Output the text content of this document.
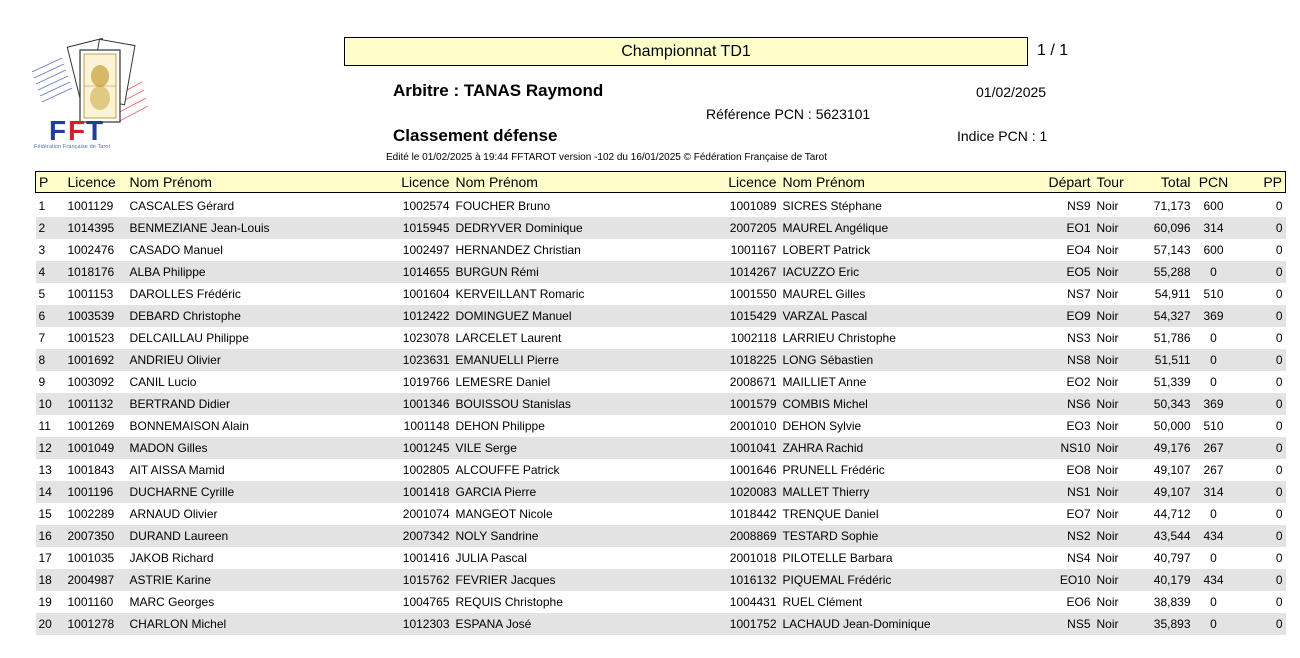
F F T
Fédération Française de Tarot
Championnat TD1	1 / 1
Arbitre : TANAS Raymond	01/02/2025
Référence PCN : 5623101
Classement défense	Indice PCN : 1
Edité le 01/02/2025 à 19:44 FFTAROT version -102 du 16/01/2025 © Fédération Française de Tarot
P	Licence	Nom Prénom	Licence	Nom Prénom	Licence	Nom Prénom	Départ	Tour	Total	PCN	PP

1	1001129	CASCALES Gérard	1002574	FOUCHER Bruno	1001089	SICRES Stéphane	NS9	Noir	71,173	600	0
2	1014395	BENMEZIANE Jean-Louis	1015945	DEDRYVER Dominique	2007205	MAUREL Angélique	EO1	Noir	60,096	314	0
3	1002476	CASADO Manuel	1002497	HERNANDEZ Christian	1001167	LOBERT Patrick	EO4	Noir	57,143	600	0
4	1018176	ALBA Philippe	1014655	BURGUN Rémi	1014267	IACUZZO Eric	EO5	Noir	55,288	0	0
5	1001153	DAROLLES Frédéric	1001604	KERVEILLANT Romaric	1001550	MAUREL Gilles	NS7	Noir	54,911	510	0
6	1003539	DEBARD Christophe	1012422	DOMINGUEZ Manuel	1015429	VARZAL Pascal	EO9	Noir	54,327	369	0
7	1001523	DELCAILLAU Philippe	1023078	LARCELET Laurent	1002118	LARRIEU Christophe	NS3	Noir	51,786	0	0
8	1001692	ANDRIEU Olivier	1023631	EMANUELLI Pierre	1018225	LONG Sébastien	NS8	Noir	51,511	0	0
9	1003092	CANIL Lucio	1019766	LEMESRE Daniel	2008671	MAILLIET Anne	EO2	Noir	51,339	0	0
10	1001132	BERTRAND Didier	1001346	BOUISSOU Stanislas	1001579	COMBIS Michel	NS6	Noir	50,343	369	0
11	1001269	BONNEMAISON Alain	1001148	DEHON Philippe	2001010	DEHON Sylvie	EO3	Noir	50,000	510	0
12	1001049	MADON Gilles	1001245	VILE Serge	1001041	ZAHRA Rachid	NS10	Noir	49,176	267	0
13	1001843	AIT AISSA Mamid	1002805	ALCOUFFE Patrick	1001646	PRUNELL Frédéric	EO8	Noir	49,107	267	0
14	1001196	DUCHARNE Cyrille	1001418	GARCIA Pierre	1020083	MALLET Thierry	NS1	Noir	49,107	314	0
15	1002289	ARNAUD Olivier	2001074	MANGEOT Nicole	1018442	TRENQUE Daniel	EO7	Noir	44,712	0	0
16	2007350	DURAND Laureen	2007342	NOLY Sandrine	2008869	TESTARD Sophie	NS2	Noir	43,544	434	0
17	1001035	JAKOB Richard	1001416	JULIA Pascal	2001018	PILOTELLE Barbara	NS4	Noir	40,797	0	0
18	2004987	ASTRIE Karine	1015762	FEVRIER Jacques	1016132	PIQUEMAL Frédéric	EO10	Noir	40,179	434	0
19	1001160	MARC Georges	1004765	REQUIS Christophe	1004431	RUEL Clément	EO6	Noir	38,839	0	0
20	1001278	CHARLON Michel	1012303	ESPANA José	1001752	LACHAUD Jean-Dominique	NS5	Noir	35,893	0	0
